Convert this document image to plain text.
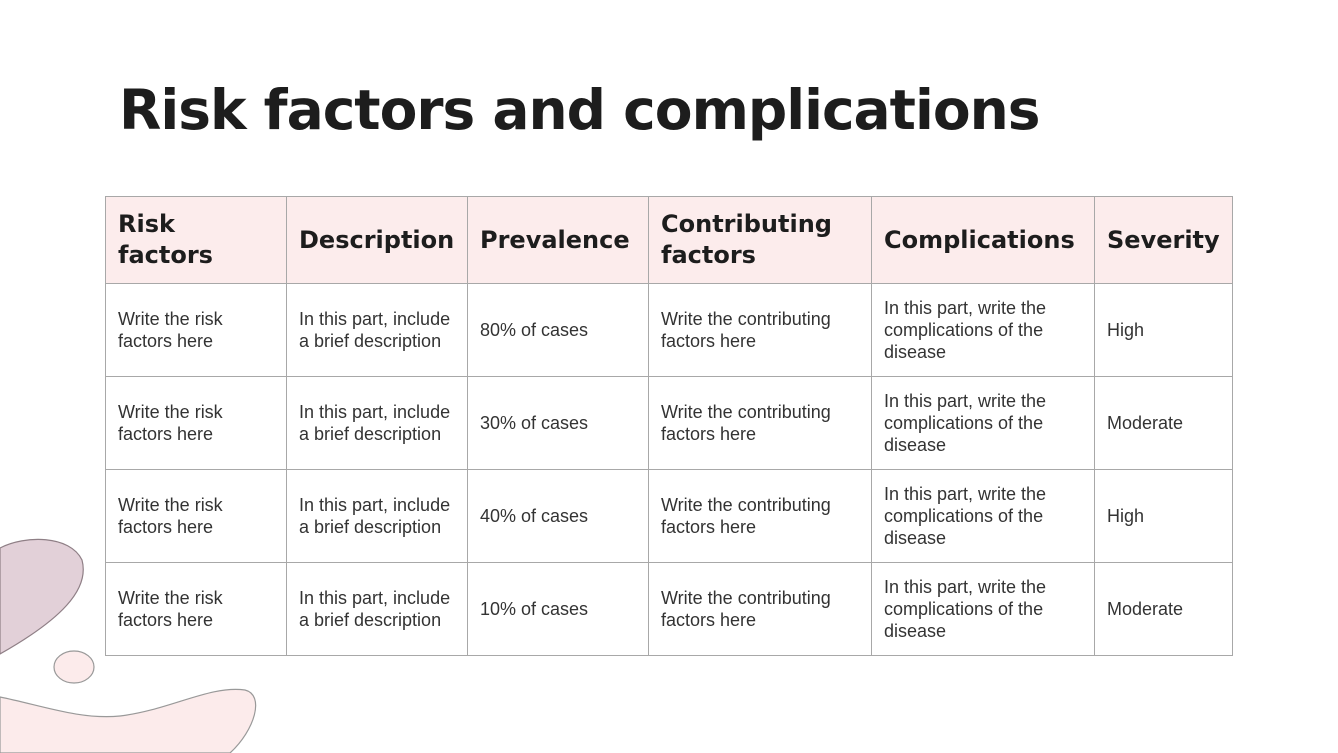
Risk factors and complications
Risk factors	Description	Prevalence	Contributing factors	Complications	Severity
Write the risk factors here	In this part, include a brief description	80% of cases	Write the contributing factors here	In this part, write the complications of the disease	High
Write the risk factors here	In this part, include a brief description	30% of cases	Write the contributing factors here	In this part, write the complications of the disease	Moderate
Write the risk factors here	In this part, include a brief description	40% of cases	Write the contributing factors here	In this part, write the complications of the disease	High
Write the risk factors here	In this part, include a brief description	10% of cases	Write the contributing factors here	In this part, write the complications of the disease	Moderate
